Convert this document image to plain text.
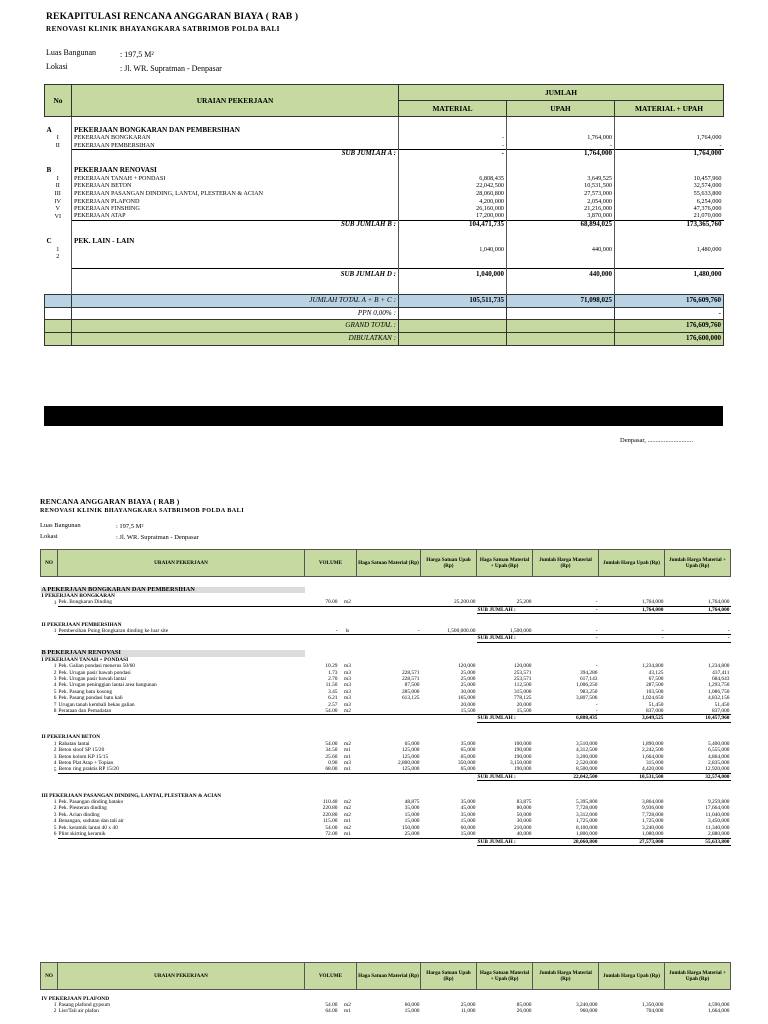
REKAPITULASI RENCANA ANGGARAN BIAYA ( RAB )
RENOVASI KLINIK BHAYANGKARA SATBRIMOB POLDA BALI
Luas Bangunan	: 197,5 M²
Lokasi	: Jl. WR. Supratman - Denpasar
No	URAIAN PEKERJAAN	JUMLAH		
		MATERIAL	UPAH	MATERIAL + UPAH

A	PEKERJAAN BONGKARAN DAN PEMBERSIHAN			
I	PEKERJAAN BONGKARAN	-	1,764,000	1,764,000
II	PEKERJAAN PEMBERSIHAN	-	-	-
	SUB JUMLAH A :	-	1,764,000	1,764,000

B	PEKERJAAN RENOVASI			
I	PEKERJAAN TANAH + PONDASI	6,808,435	3,649,525	10,457,960
II	PEKERJAAN BETON	22,042,500	10,531,500	32,574,000
III	PEKERJAAN PASANGAN DINDING, LANTAI, PLESTERAN & ACIAN	28,060,800	27,573,000	55,633,800
IV	PEKERJAAN PLAFOND	4,200,000	2,054,000	6,254,000
V	PEKERJAAN FINSHING	26,160,000	21,216,000	47,376,000
VI	PEKERJAAN ATAP	17,200,000	3,870,000	21,070,000
	SUB JUMLAH B :	104,471,735	68,894,025	173,365,760

C	PEK. LAIN - LAIN			
1		1,040,000	440,000	1,480,000
2				

	SUB JUMLAH D :	1,040,000	440,000	1,480,000

	JUMLAH TOTAL A + B + C :	105,511,735	71,098,025	176,609,760
	PPN 0,00% :			-
	GRAND TOTAL :			176,609,760
	DIBULATKAN :			176,600,000
Denpasar, ............................
RENCANA ANGGARAN BIAYA ( RAB )
RENOVASI KLINIK BHAYANGKARA SATBRIMOB POLDA BALI
Luas Bangunan	: 197,5 M²
Lokasi	: Jl. WR. Supratman - Denpasar
NO	URAIAN PEKERJAAN	VOLUME		Haga Satuan Material (Rp)	Harga Satuan Upah (Rp)	Haga Satuan Material + Upah (Rp)	Jumlah Harga Material (Rp)	Jumlah Harga Upah (Rp)	Jumlah Harga Material + Upah (Rp)

A PEKERJAAN BONGKARAN DAN PEMBERSIHAN									
I PEKERJAAN BONGKARAN									
1	Pek. Bongkaran Dinding	70.00	m2		25,200.00	25,200	-	1,764,000	1,764,000
						SUB JUMLAH :	-	1,764,000	1,764,000

II PEKERJAAN PEMBERSIHAN									
1	Pembersihan Puing Bongkaran dinding ke luar site	-	ls	-	1,500,000.00	1,500,000	-	-	-
						SUB JUMLAH :	-	-	-

B PEKERJAAN RENOVASI									
I PEKERJAAN TANAH + PONDASI									
1	Pek. Galian pondasi menerus 50/60	10.29	m3		120,000	120,000	-	1,234,800	1,234,800
2	Pek. Urugan pasir bawah pondasi	1.73	m3	228,571	25,000	253,571	394,286	43,125	437,411
3	Pek. Urugan pasir bawah lantai	2.70	m3	228,571	25,000	253,571	617,143	67,500	684,643
4	Pek. Urugan peninggian lantai area bangunan	11.50	m3	87,500	25,000	112,500	1,006,250	287,500	1,293,750
5	Pek. Pasang batu kosong	3.45	m3	285,000	30,000	315,000	983,250	103,500	1,086,750
6	Pek. Pasang pondasi batu kali	6.21	m3	613,125	165,000	778,125	3,807,506	1,024,650	4,832,156
7	Urugan tanah kembali bekas galian	2.57	m3		20,000	20,000	-	51,450	51,450
8	Perataan dan Pemadatan	54.00	m2		15,500	15,500	-	837,000	837,000
						SUB JUMLAH :	6,808,435	3,649,525	10,457,960

II PEKERJAAN BETON									
1	Rabatan lantai	54.00	m2	65,000	35,000	100,000	3,510,000	1,890,000	5,400,000
2	Beton sloof SP 15/20	34.50	m1	125,000	65,000	190,000	4,312,500	2,242,500	6,555,000
3	Beton kolom KP 15/15	25.60	m1	125,000	65,000	190,000	3,200,000	1,664,000	4,864,000
4	Beton Plat Atap + Topian	0.90	m3	2,800,000	350,000	3,150,000	2,520,000	315,000	2,835,000
5	Beton ring praktis RP 15/20	68.00	m1	125,000	65,000	190,000	8,500,000	4,420,000	12,920,000
						SUB JUMLAH :	22,042,500	10,531,500	32,574,000

III PEKERJAAN PASANGAN DINDING, LANTAI, PLESTERAN & ACIAN									
1	Pek. Pasangan dinding batako	110.40	m2	48,875	35,000	83,875	5,395,800	3,864,000	9,259,800
2	Pek. Plesteran dinding	220.80	m2	35,000	45,000	80,000	7,728,000	9,936,000	17,664,000
3	Pek. Acian dinding	220.80	m2	15,000	35,000	50,000	3,312,000	7,728,000	11,040,000
4	Benangan, sudutan dan tali air	115.00	m1	15,000	15,000	30,000	1,725,000	1,725,000	3,450,000
5	Pek. keramik lantai 40 x 40	54.00	m2	150,000	60,000	210,000	8,100,000	3,240,000	11,340,000
6	Plint skirting keramik	72.00	m1	25,000	15,000	40,000	1,800,000	1,080,000	2,880,000
						SUB JUMLAH :	28,060,800	27,573,000	55,633,800
NO	URAIAN PEKERJAAN	VOLUME		Haga Satuan Material (Rp)	Harga Satuan Upah (Rp)	Haga Satuan Material + Upah (Rp)	Jumlah Harga Material (Rp)	Jumlah Harga Upah (Rp)	Jumlah Harga Material + Upah (Rp)

IV PEKERJAAN PLAFOND									
1	Pasang plafond gypsum	54.00	m2	60,000	25,000	85,000	3,240,000	1,350,000	4,590,000
2	List/Tali air plafon	64.00	m1	15,000	11,000	26,000	960,000	704,000	1,664,000
